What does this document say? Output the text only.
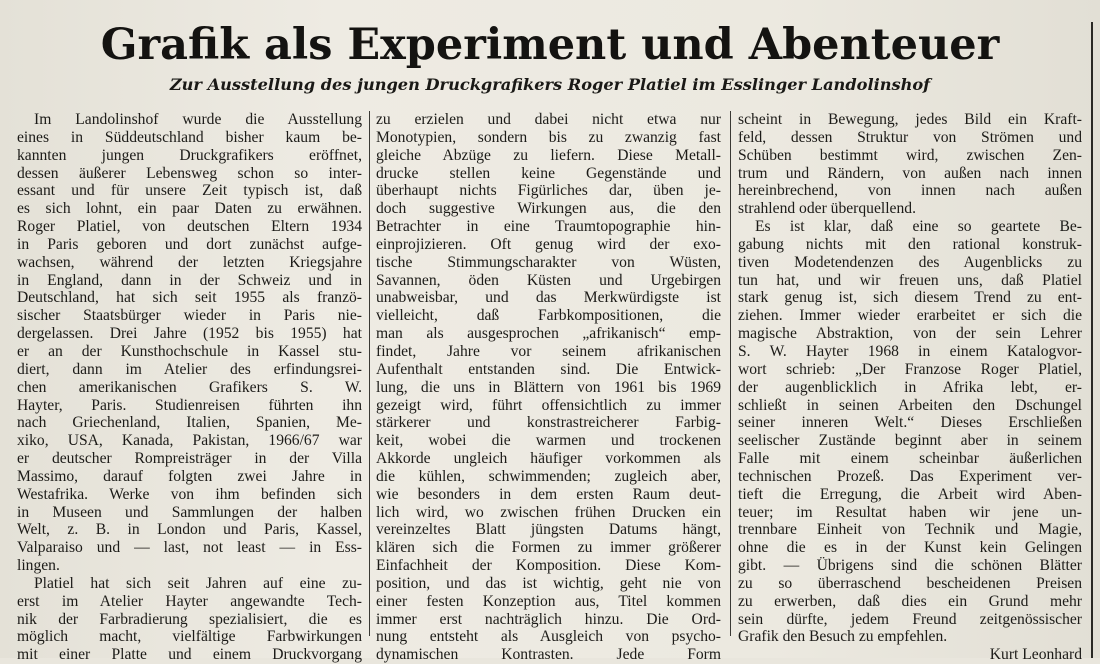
Grafik als Experiment und Abenteuer
Zur Ausstellung des jungen Druckgrafikers Roger Platiel im Esslinger Landolinshof
Im Landolinshof wurde die Ausstellung
eines in Süddeutschland bisher kaum be-
kannten jungen Druckgrafikers eröffnet,
dessen äußerer Lebensweg schon so inter-
essant und für unsere Zeit typisch ist, daß
es sich lohnt, ein paar Daten zu erwähnen.
Roger Platiel, von deutschen Eltern 1934
in Paris geboren und dort zunächst aufge-
wachsen, während der letzten Kriegsjahre
in England, dann in der Schweiz und in
Deutschland, hat sich seit 1955 als franzö-
sischer Staatsbürger wieder in Paris nie-
dergelassen. Drei Jahre (1952 bis 1955) hat
er an der Kunsthochschule in Kassel stu-
diert, dann im Atelier des erfindungsrei-
chen amerikanischen Grafikers S. W.
Hayter, Paris. Studienreisen führten ihn
nach Griechenland, Italien, Spanien, Me-
xiko, USA, Kanada, Pakistan, 1966/67 war
er deutscher Rompreisträger in der Villa
Massimo, darauf folgten zwei Jahre in
Westafrika. Werke von ihm befinden sich
in Museen und Sammlungen der halben
Welt, z. B. in London und Paris, Kassel,
Valparaiso und — last, not least — in Ess-
lingen.
Platiel hat sich seit Jahren auf eine zu-
erst im Atelier Hayter angewandte Tech-
nik der Farbradierung spezialisiert, die es
möglich macht, vielfältige Farbwirkungen
mit einer Platte und einem Druckvorgang
zu erzielen und dabei nicht etwa nur
Monotypien, sondern bis zu zwanzig fast
gleiche Abzüge zu liefern. Diese Metall-
drucke stellen keine Gegenstände und
überhaupt nichts Figürliches dar, üben je-
doch suggestive Wirkungen aus, die den
Betrachter in eine Traumtopographie hin-
einprojizieren. Oft genug wird der exo-
tische Stimmungscharakter von Wüsten,
Savannen, öden Küsten und Urgebirgen
unabweisbar, und das Merkwürdigste ist
vielleicht, daß Farbkompositionen, die
man als ausgesprochen „afrikanisch“ emp-
findet, Jahre vor seinem afrikanischen
Aufenthalt entstanden sind. Die Entwick-
lung, die uns in Blättern von 1961 bis 1969
gezeigt wird, führt offensichtlich zu immer
stärkerer und konstrastreicherer Farbig-
keit, wobei die warmen und trockenen
Akkorde ungleich häufiger vorkommen als
die kühlen, schwimmenden; zugleich aber,
wie besonders in dem ersten Raum deut-
lich wird, wo zwischen frühen Drucken ein
vereinzeltes Blatt jüngsten Datums hängt,
klären sich die Formen zu immer größerer
Einfachheit der Komposition. Diese Kom-
position, und das ist wichtig, geht nie von
einer festen Konzeption aus, Titel kommen
immer erst nachträglich hinzu. Die Ord-
nung entsteht als Ausgleich von psycho-
dynamischen Kontrasten. Jede Form
scheint in Bewegung, jedes Bild ein Kraft-
feld, dessen Struktur von Strömen und
Schüben bestimmt wird, zwischen Zen-
trum und Rändern, von außen nach innen
hereinbrechend, von innen nach außen
strahlend oder überquellend.
Es ist klar, daß eine so geartete Be-
gabung nichts mit den rational konstruk-
tiven Modetendenzen des Augenblicks zu
tun hat, und wir freuen uns, daß Platiel
stark genug ist, sich diesem Trend zu ent-
ziehen. Immer wieder erarbeitet er sich die
magische Abstraktion, von der sein Lehrer
S. W. Hayter 1968 in einem Katalogvor-
wort schrieb: „Der Franzose Roger Platiel,
der augenblicklich in Afrika lebt, er-
schließt in seinen Arbeiten den Dschungel
seiner inneren Welt.“ Dieses Erschließen
seelischer Zustände beginnt aber in seinem
Falle mit einem scheinbar äußerlichen
technischen Prozeß. Das Experiment ver-
tieft die Erregung, die Arbeit wird Aben-
teuer; im Resultat haben wir jene un-
trennbare Einheit von Technik und Magie,
ohne die es in der Kunst kein Gelingen
gibt. — Übrigens sind die schönen Blätter
zu so überraschend bescheidenen Preisen
zu erwerben, daß dies ein Grund mehr
sein dürfte, jedem Freund zeitgenössischer
Grafik den Besuch zu empfehlen.
Kurt Leonhard
